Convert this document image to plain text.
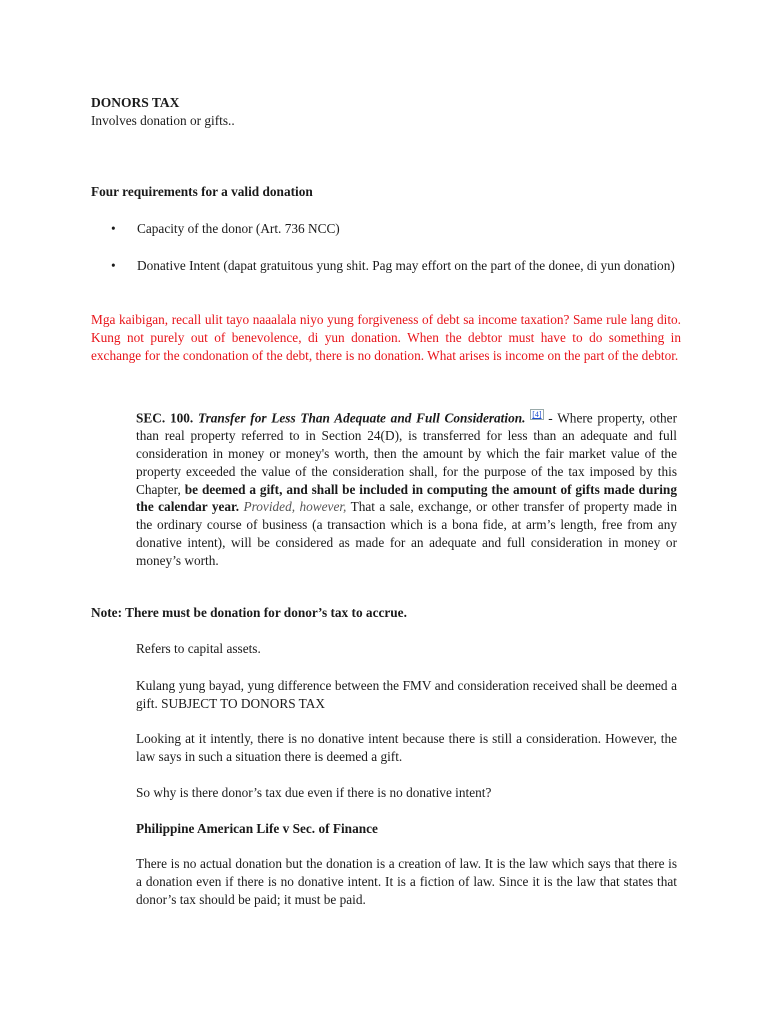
DONORS TAX
Involves donation or gifts..
Four requirements for a valid donation
• Capacity of the donor (Art. 736 NCC)
• Donative Intent (dapat gratuitous yung shit. Pag may effort on the part of the donee, di yun donation)
Mga kaibigan, recall ulit tayo naaalala niyo yung forgiveness of debt sa income taxation? Same rule lang dito. Kung not purely out of benevolence, di yun donation. When the debtor must have to do something in exchange for the condonation of the debt, there is no donation. What arises is income on the part of the debtor.
SEC. 100. Transfer for Less Than Adequate and Full Consideration. [4] - Where property, other than real property referred to in Section 24(D), is transferred for less than an adequate and full consideration in money or money's worth, then the amount by which the fair market value of the property exceeded the value of the consideration shall, for the purpose of the tax imposed by this Chapter, be deemed a gift, and shall be included in computing the amount of gifts made during the calendar year. Provided, however, That a sale, exchange, or other transfer of property made in the ordinary course of business (a transaction which is a bona fide, at arm’s length, free from any donative intent), will be considered as made for an adequate and full consideration in money or money’s worth.
Note: There must be donation for donor’s tax to accrue.
Refers to capital assets.
Kulang yung bayad, yung difference between the FMV and consideration received shall be deemed a gift. SUBJECT TO DONORS TAX
Looking at it intently, there is no donative intent because there is still a consideration. However, the law says in such a situation there is deemed a gift.
So why is there donor’s tax due even if there is no donative intent?
Philippine American Life v Sec. of Finance
There is no actual donation but the donation is a creation of law. It is the law which says that there is a donation even if there is no donative intent. It is a fiction of law. Since it is the law that states that donor’s tax should be paid; it must be paid.
